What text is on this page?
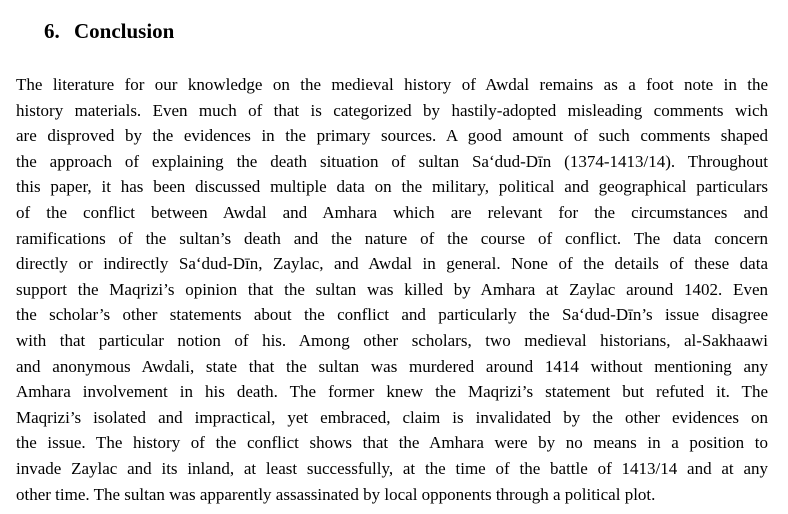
6. Conclusion
The literature for our knowledge on the medieval history of Awdal remains as a foot note in the
history materials. Even much of that is categorized by hastily-adopted misleading comments wich
are disproved by the evidences in the primary sources. A good amount of such comments shaped
the approach of explaining the death situation of sultan Sa‘dud-Dīn (1374-1413/14). Throughout
this paper, it has been discussed multiple data on the military, political and geographical particulars
of the conflict between Awdal and Amhara which are relevant for the circumstances and
ramifications of the sultan’s death and the nature of the course of conflict. The data concern
directly or indirectly Sa‘dud-Dīn, Zaylac, and Awdal in general. None of the details of these data
support the Maqrizi’s opinion that the sultan was killed by Amhara at Zaylac around 1402. Even
the scholar’s other statements about the conflict and particularly the Sa‘dud-Dīn’s issue disagree
with that particular notion of his. Among other scholars, two medieval historians, al-Sakhaawi
and anonymous Awdali, state that the sultan was murdered around 1414 without mentioning any
Amhara involvement in his death. The former knew the Maqrizi’s statement but refuted it. The
Maqrizi’s isolated and impractical, yet embraced, claim is invalidated by the other evidences on
the issue. The history of the conflict shows that the Amhara were by no means in a position to
invade Zaylac and its inland, at least successfully, at the time of the battle of 1413/14 and at any
other time. The sultan was apparently assassinated by local opponents through a political plot.
